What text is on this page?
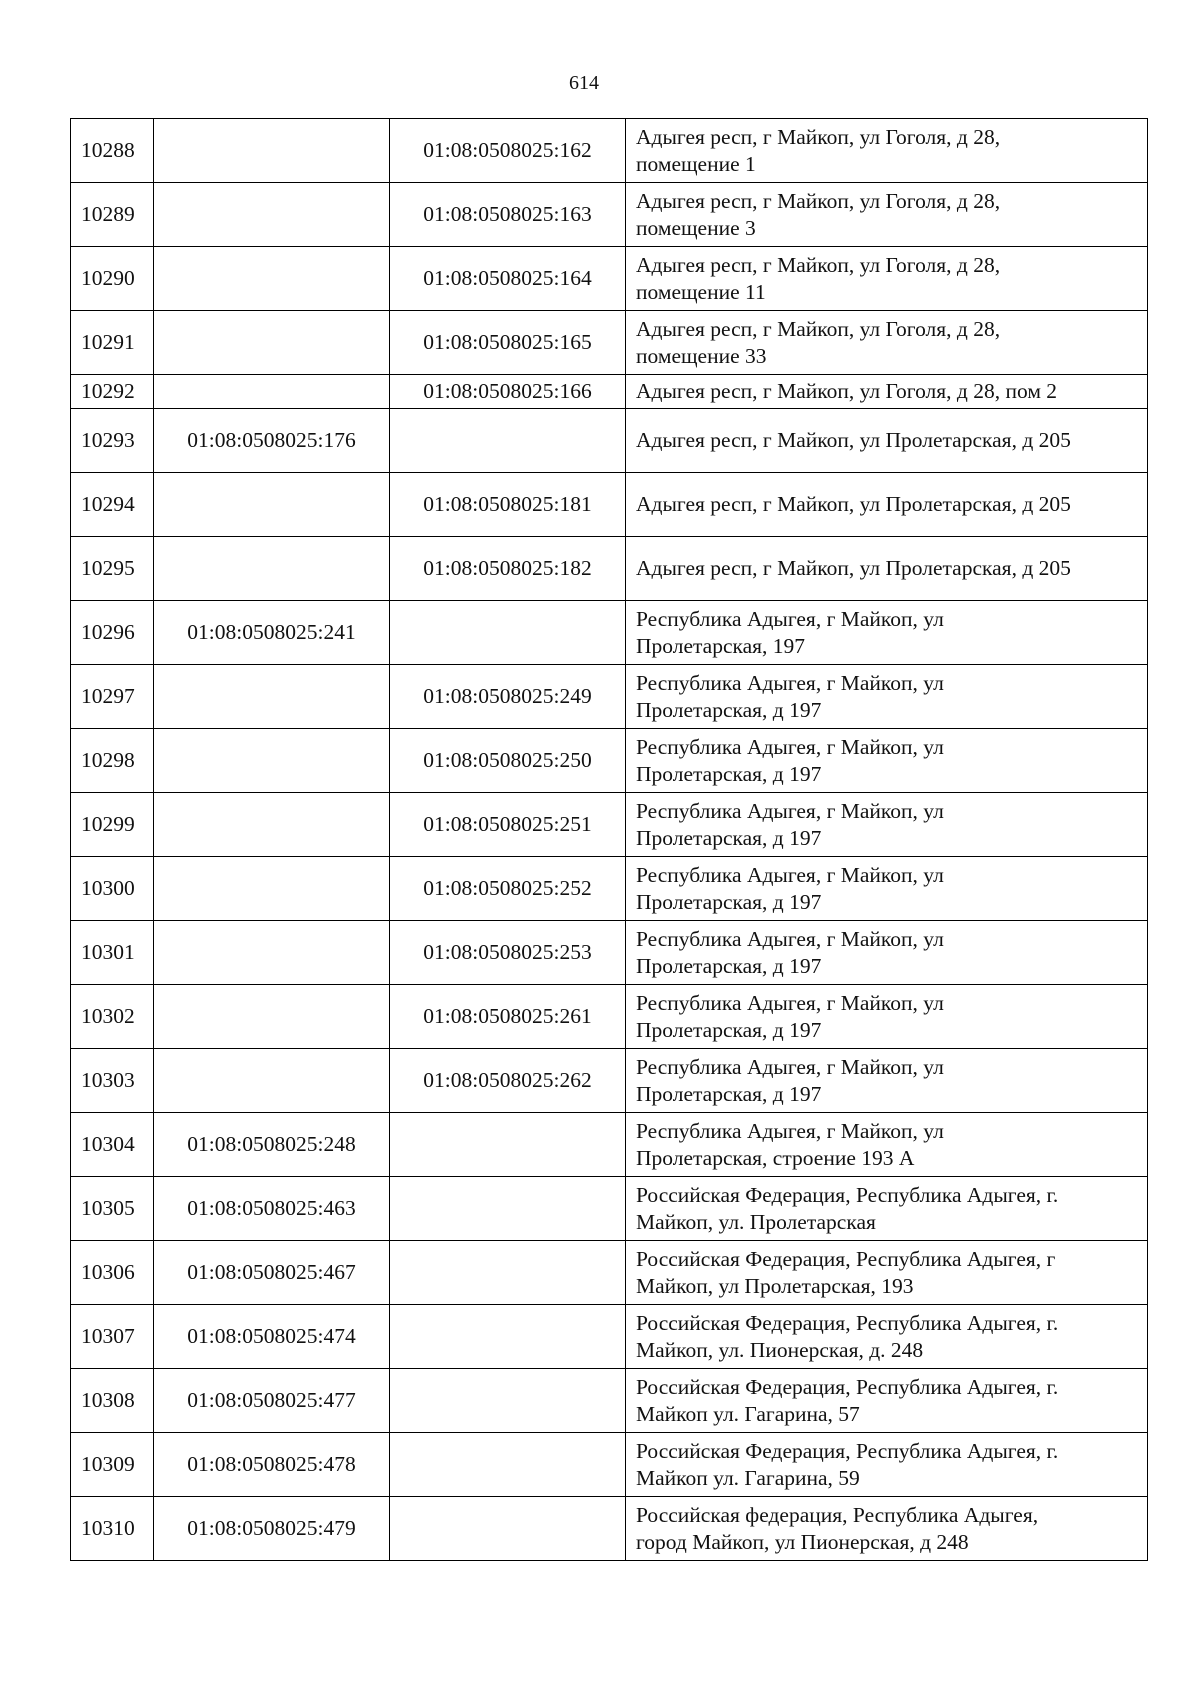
614
10288		01:08:0508025:162	Адыгея респ, г Майкоп, ул Гоголя, д 28,
помещение 1

10289		01:08:0508025:163	Адыгея респ, г Майкоп, ул Гоголя, д 28,
помещение 3

10290		01:08:0508025:164	Адыгея респ, г Майкоп, ул Гоголя, д 28,
помещение 11

10291		01:08:0508025:165	Адыгея респ, г Майкоп, ул Гоголя, д 28,
помещение 33

10292		01:08:0508025:166	Адыгея респ, г Майкоп, ул Гоголя, д 28, пом 2

10293	01:08:0508025:176		Адыгея респ, г Майкоп, ул Пролетарская, д 205

10294		01:08:0508025:181	Адыгея респ, г Майкоп, ул Пролетарская, д 205

10295		01:08:0508025:182	Адыгея респ, г Майкоп, ул Пролетарская, д 205

10296	01:08:0508025:241		Республика Адыгея, г Майкоп, ул
Пролетарская, 197

10297		01:08:0508025:249	Республика Адыгея, г Майкоп, ул
Пролетарская, д 197

10298		01:08:0508025:250	Республика Адыгея, г Майкоп, ул
Пролетарская, д 197

10299		01:08:0508025:251	Республика Адыгея, г Майкоп, ул
Пролетарская, д 197

10300		01:08:0508025:252	Республика Адыгея, г Майкоп, ул
Пролетарская, д 197

10301		01:08:0508025:253	Республика Адыгея, г Майкоп, ул
Пролетарская, д 197

10302		01:08:0508025:261	Республика Адыгея, г Майкоп, ул
Пролетарская, д 197

10303		01:08:0508025:262	Республика Адыгея, г Майкоп, ул
Пролетарская, д 197

10304	01:08:0508025:248		Республика Адыгея, г Майкоп, ул
Пролетарская, строение 193 А

10305	01:08:0508025:463		Российская Федерация, Республика Адыгея, г.
Майкоп, ул. Пролетарская

10306	01:08:0508025:467		Российская Федерация, Республика Адыгея, г
Майкоп, ул Пролетарская, 193

10307	01:08:0508025:474		Российская Федерация, Республика Адыгея, г.
Майкоп, ул. Пионерская, д. 248

10308	01:08:0508025:477		Российская Федерация, Республика Адыгея, г.
Майкоп ул. Гагарина, 57

10309	01:08:0508025:478		Российская Федерация, Республика Адыгея, г.
Майкоп ул. Гагарина, 59

10310	01:08:0508025:479		Российская федерация, Республика Адыгея,
город Майкоп, ул Пионерская, д 248
